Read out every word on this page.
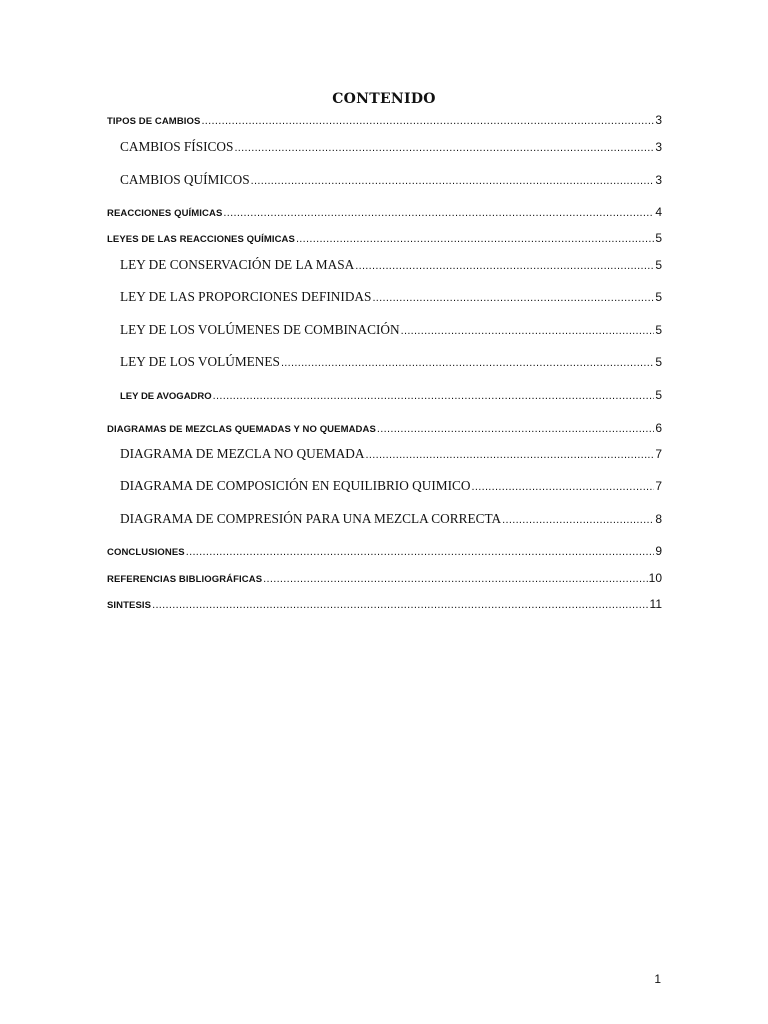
CONTENIDO
TIPOS DE CAMBIOS .....	3
CAMBIOS FÍSICOS .....	3
CAMBIOS QUÍMICOS .....	3
REACCIONES QUÍMICAS .....	4
LEYES DE LAS REACCIONES QUÍMICAS .....	5
LEY DE CONSERVACIÓN DE LA MASA .....	5
LEY DE LAS PROPORCIONES DEFINIDAS .....	5
LEY DE LOS VOLÚMENES DE COMBINACIÓN .....	5
LEY DE LOS VOLÚMENES .....	5
LEY DE AVOGADRO .....	5
DIAGRAMAS DE MEZCLAS QUEMADAS Y NO QUEMADAS .....	6
DIAGRAMA DE MEZCLA NO QUEMADA .....	7
DIAGRAMA DE COMPOSICIÓN EN EQUILIBRIO QUIMICO .....	7
DIAGRAMA DE COMPRESIÓN PARA UNA MEZCLA CORRECTA .....	8
CONCLUSIONES .....	9
REFERENCIAS BIBLIOGRÁFICAS .....	10
SINTESIS .....	11
1
